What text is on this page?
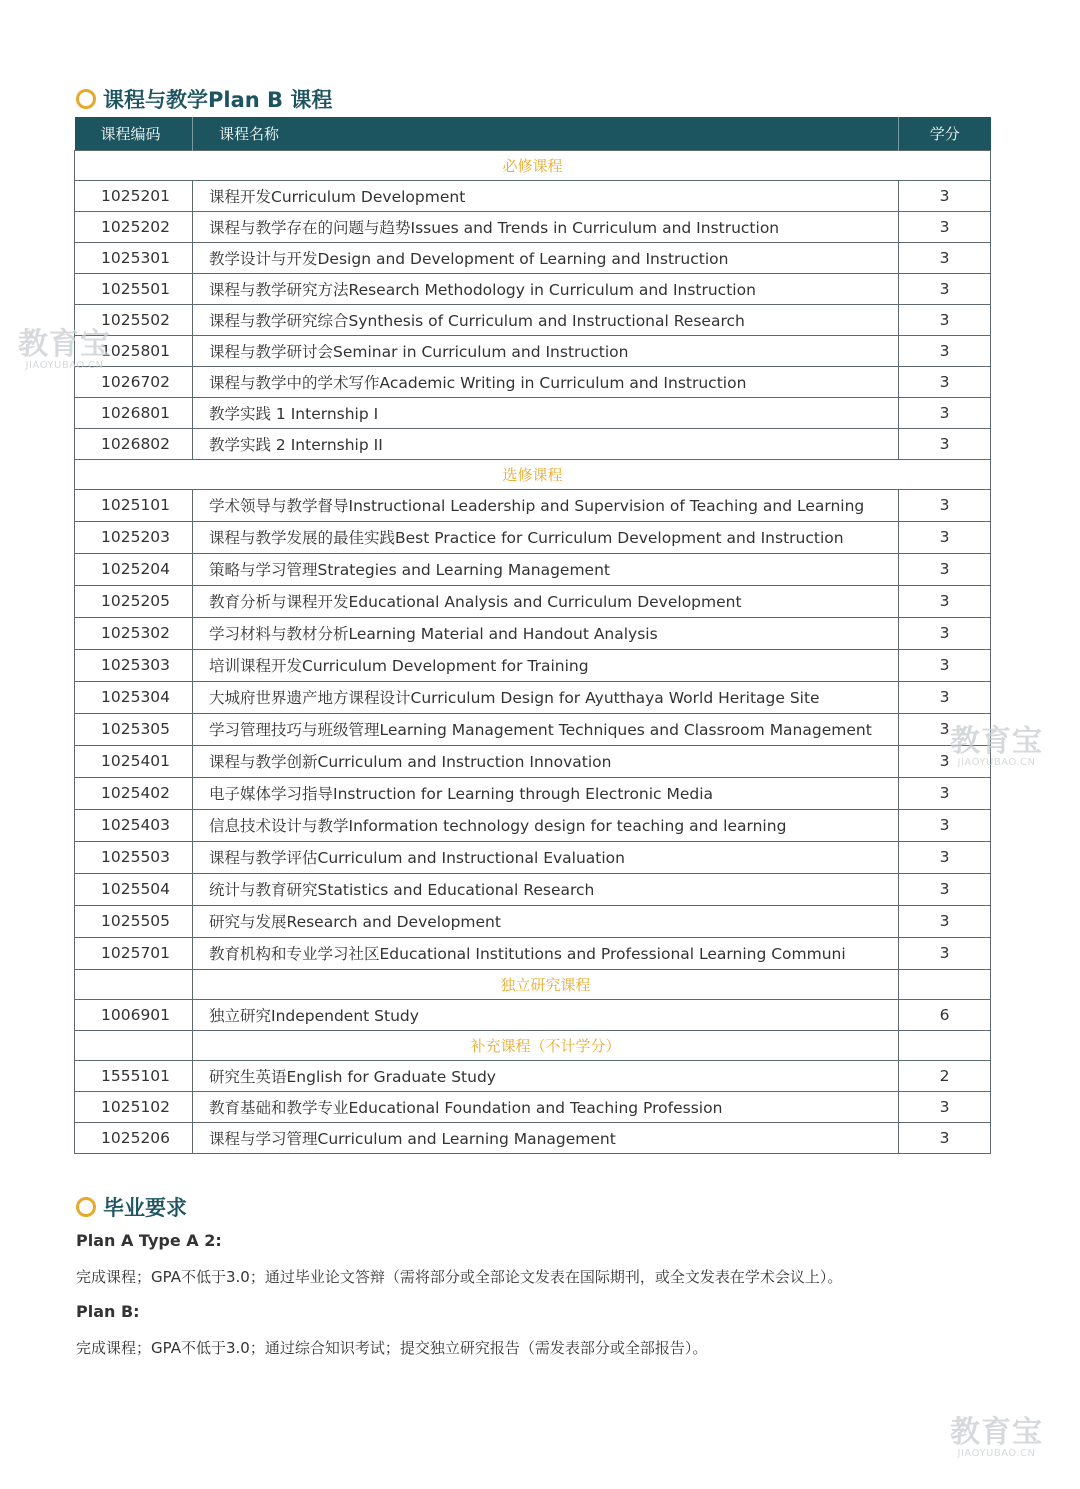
课程与教学Plan B 课程
课程编码	课程名称	学分
必修课程		
1025201	课程开发Curriculum Development	3
1025202	课程与教学存在的问题与趋势Issues and Trends in Curriculum and Instruction	3
1025301	教学设计与开发Design and Development of Learning and Instruction	3
1025501	课程与教学研究方法Research Methodology in Curriculum and Instruction	3
1025502	课程与教学研究综合Synthesis of Curriculum and Instructional Research	3
1025801	课程与教学研讨会Seminar in Curriculum and Instruction	3
1026702	课程与教学中的学术写作Academic Writing in Curriculum and Instruction	3
1026801	教学实践 1 Internship I	3
1026802	教学实践 2 Internship II	3
选修课程		
1025101	学术领导与教学督导Instructional Leadership and Supervision of Teaching and Learning	3
1025203	课程与教学发展的最佳实践Best Practice for Curriculum Development and Instruction	3
1025204	策略与学习管理Strategies and Learning Management	3
1025205	教育分析与课程开发Educational Analysis and Curriculum Development	3
1025302	学习材料与教材分析Learning Material and Handout Analysis	3
1025303	培训课程开发Curriculum Development for Training	3
1025304	大城府世界遗产地方课程设计Curriculum Design for Ayutthaya World Heritage Site	3
1025305	学习管理技巧与班级管理Learning Management Techniques and Classroom Management	3
1025401	课程与教学创新Curriculum and Instruction Innovation	3
1025402	电子媒体学习指导Instruction for Learning through Electronic Media	3
1025403	信息技术设计与教学Information technology design for teaching and learning	3
1025503	课程与教学评估Curriculum and Instructional Evaluation	3
1025504	统计与教育研究Statistics and Educational Research	3
1025505	研究与发展Research and Development	3
1025701	教育机构和专业学习社区Educational Institutions and Professional Learning Communi	3
	独立研究课程	
1006901	独立研究Independent Study	6
	补充课程（不计学分）	
1555101	研究生英语English for Graduate Study	2
1025102	教育基础和教学专业Educational Foundation and Teaching Profession	3
1025206	课程与学习管理Curriculum and Learning Management	3
毕业要求
Plan A Type A 2:
完成课程；GPA不低于3.0；通过毕业论文答辩（需将部分或全部论文发表在国际期刊，或全文发表在学术会议上）。
Plan B:
完成课程；GPA不低于3.0；通过综合知识考试；提交独立研究报告（需发表部分或全部报告）。
教育宝
JIAOYUBAO.CN
教育宝
JIAOYUBAO.CN
教育宝
JIAOYUBAO.CN
